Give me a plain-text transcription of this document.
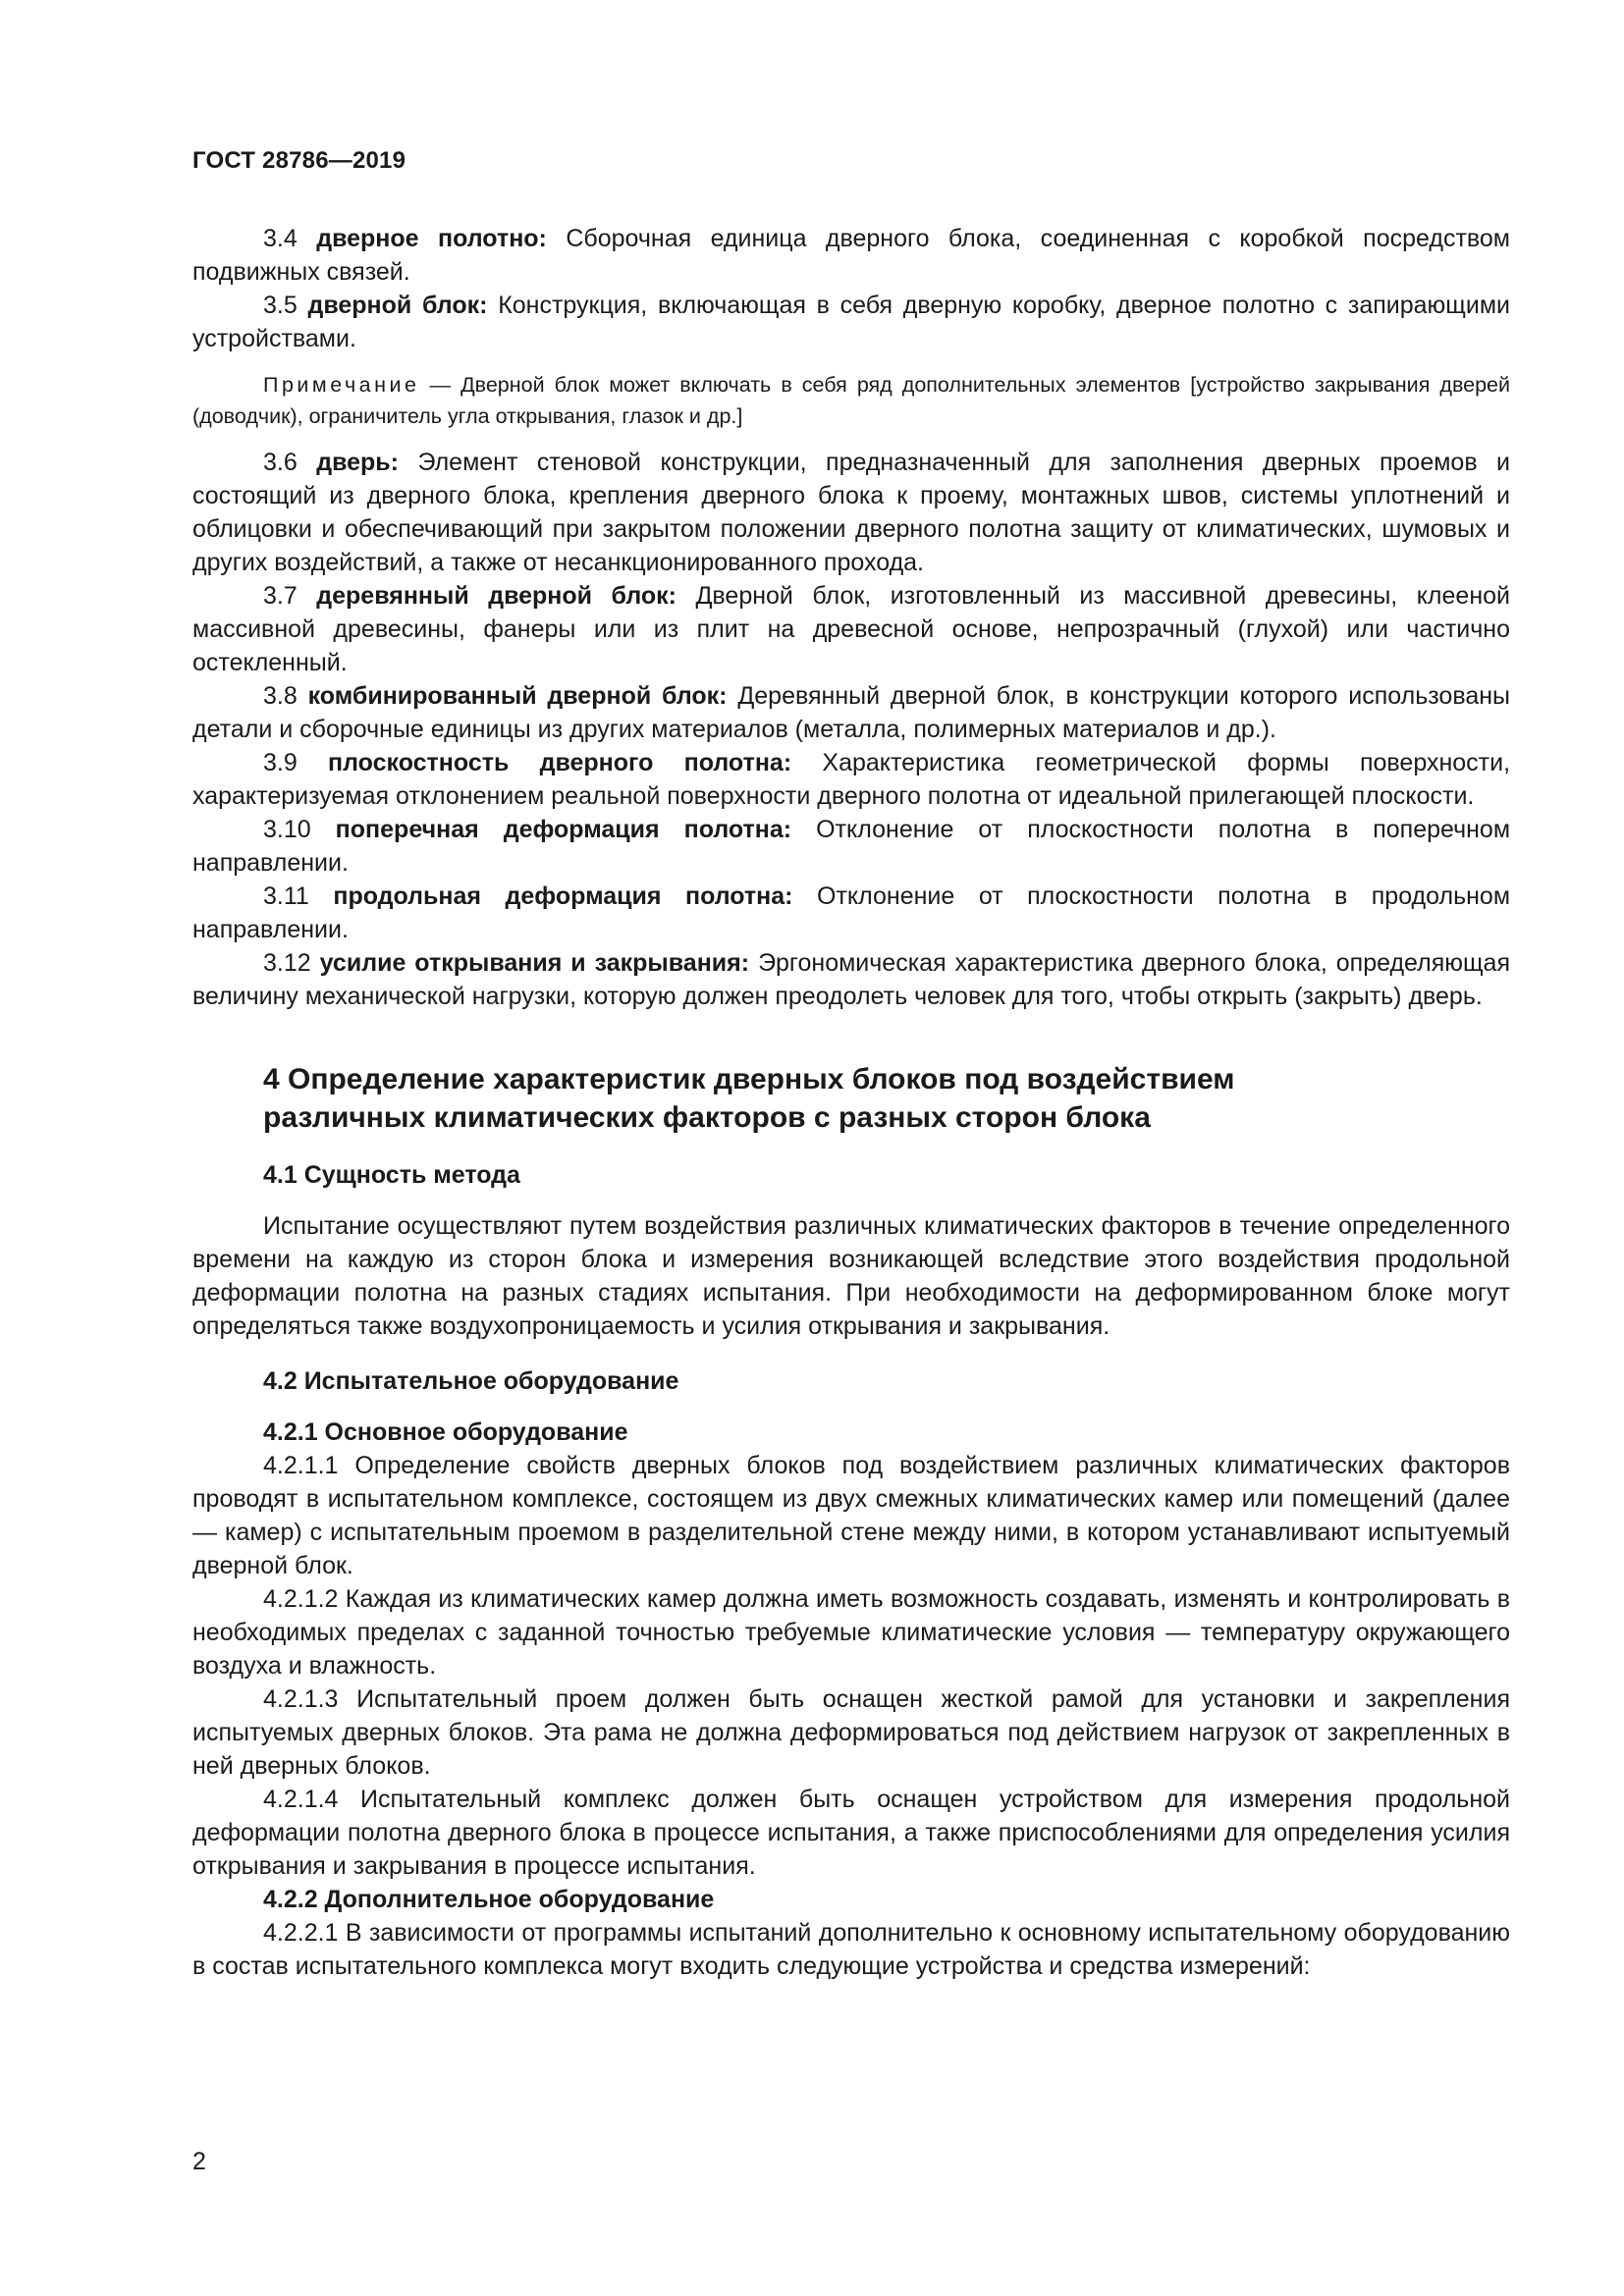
ГОСТ 28786—2019

3.4 дверное полотно: Сборочная единица дверного блока, соединенная с коробкой посредством подвижных связей.

3.5 дверной блок: Конструкция, включающая в себя дверную коробку, дверное полотно с запирающими устройствами.

Примечание — Дверной блок может включать в себя ряд дополнительных элементов [устройство закрывания дверей (доводчик), ограничитель угла открывания, глазок и др.]

3.6 дверь: Элемент стеновой конструкции, предназначенный для заполнения дверных проемов и состоящий из дверного блока, крепления дверного блока к проему, монтажных швов, системы уплотнений и облицовки и обеспечивающий при закрытом положении дверного полотна защиту от климатических, шумовых и других воздействий, а также от несанкционированного прохода.

3.7 деревянный дверной блок: Дверной блок, изготовленный из массивной древесины, клееной массивной древесины, фанеры или из плит на древесной основе, непрозрачный (глухой) или частично остекленный.

3.8 комбинированный дверной блок: Деревянный дверной блок, в конструкции которого использованы детали и сборочные единицы из других материалов (металла, полимерных материалов и др.).

3.9 плоскостность дверного полотна: Характеристика геометрической формы поверхности, характеризуемая отклонением реальной поверхности дверного полотна от идеальной прилегающей плоскости.

3.10 поперечная деформация полотна: Отклонение от плоскостности полотна в поперечном направлении.

3.11 продольная деформация полотна: Отклонение от плоскостности полотна в продольном направлении.

3.12 усилие открывания и закрывания: Эргономическая характеристика дверного блока, определяющая величину механической нагрузки, которую должен преодолеть человек для того, чтобы открыть (закрыть) дверь.

4 Определение характеристик дверных блоков под воздействием
различных климатических факторов с разных сторон блока
4.1 Сущность метода

Испытание осуществляют путем воздействия различных климатических факторов в течение определенного времени на каждую из сторон блока и измерения возникающей вследствие этого воздействия продольной деформации полотна на разных стадиях испытания. При необходимости на деформированном блоке могут определяться также воздухопроницаемость и усилия открывания и закрывания.

4.2 Испытательное оборудование
4.2.1 Основное оборудование

4.2.1.1 Определение свойств дверных блоков под воздействием различных климатических факторов проводят в испытательном комплексе, состоящем из двух смежных климатических камер или помещений (далее — камер) с испытательным проемом в разделительной стене между ними, в котором устанавливают испытуемый дверной блок.

4.2.1.2 Каждая из климатических камер должна иметь возможность создавать, изменять и контролировать в необходимых пределах с заданной точностью требуемые климатические условия — температуру окружающего воздуха и влажность.

4.2.1.3 Испытательный проем должен быть оснащен жесткой рамой для установки и закрепления испытуемых дверных блоков. Эта рама не должна деформироваться под действием нагрузок от закрепленных в ней дверных блоков.

4.2.1.4 Испытательный комплекс должен быть оснащен устройством для измерения продольной деформации полотна дверного блока в процессе испытания, а также приспособлениями для определения усилия открывания и закрывания в процессе испытания.

4.2.2 Дополнительное оборудование

4.2.2.1 В зависимости от программы испытаний дополнительно к основному испытательному оборудованию в состав испытательного комплекса могут входить следующие устройства и средства измерений:

2
